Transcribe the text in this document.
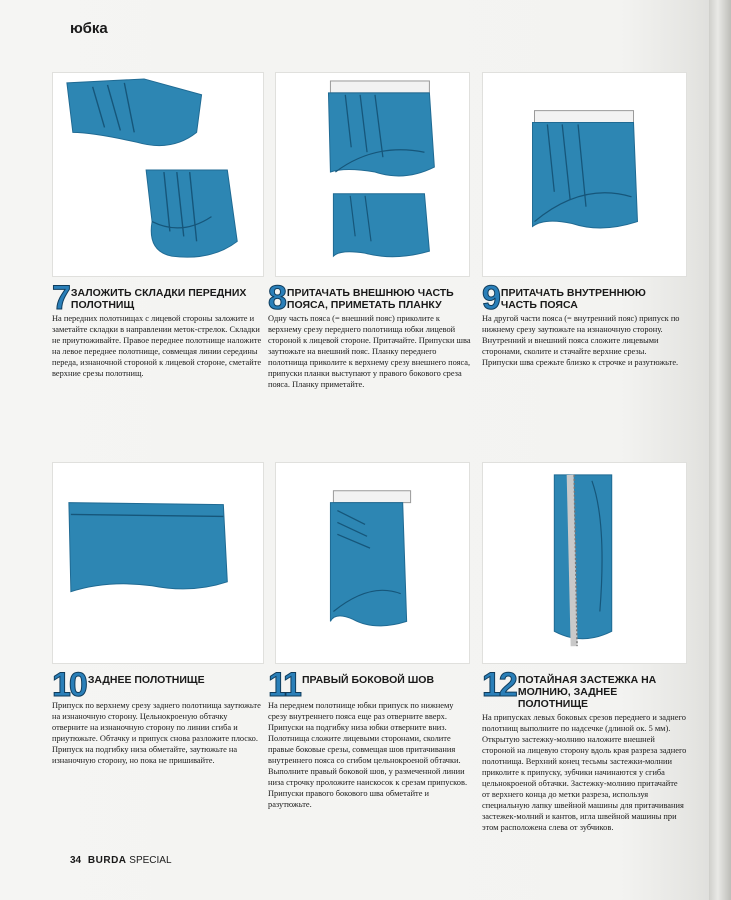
юбка
7 ЗАЛОЖИТЬ СКЛАДКИ ПЕРЕДНИХ ПОЛОТНИЩ
На передних полотнищах с лицевой стороны заложите и заметайте складки в направлении меток-стрелок. Складки не приутюживайте. Правое переднее полотнище наложите на левое переднее полотнище, совмещая линии середины переда, изнаночной стороной к лицевой стороне, сметайте верхние срезы полотнищ.
8 ПРИТАЧАТЬ ВНЕШНЮЮ ЧАСТЬ ПОЯСА, ПРИМЕТАТЬ ПЛАНКУ
Одну часть пояса (= внешний пояс) приколите к верхнему срезу переднего полотнища юбки лицевой стороной к лицевой стороне. Притачайте. Припуски шва заутюжьте на внешний пояс. Планку переднего полотнища приколите к верхнему срезу внешнего пояса, припуски планки выступают у правого бокового среза пояса. Планку приметайте.
9 ПРИТАЧАТЬ ВНУТРЕННЮЮ ЧАСТЬ ПОЯСА
На другой части пояса (= внутренний пояс) припуск по нижнему срезу заутюжьте на изнаночную сторону. Внутренний и внешний пояса сложите лицевыми сторонами, сколите и стачайте верхние срезы. Припуски шва срежьте близко к строчке и разутюжьте.
10 ЗАДНЕЕ ПОЛОТНИЩЕ
Припуск по верхнему срезу заднего полотнища заутюжьте на изнаночную сторону. Цельнокроеную обтачку отверните на изнаночную сторону по линии сгиба и приутюжьте. Обтачку и припуск снова разложите плоско. Припуск на подгибку низа обметайте, заутюжьте на изнаночную сторону, но пока не пришивайте.
11 ПРАВЫЙ БОКОВОЙ ШОВ
На переднем полотнище юбки припуск по нижнему срезу внутреннего пояса еще раз отверните вверх. Припуски на подгибку низа юбки отверните вниз. Полотнища сложите лицевыми сторонами, сколите правые боковые срезы, совмещая шов притачивания внутреннего пояса со сгибом цельнокроеной обтачки. Выполните правый боковой шов, у размеченной линии низа строчку проложите наискосок к срезам припусков. Припуски правого бокового шва обметайте и разутюжьте.
12 ПОТАЙНАЯ ЗАСТЕЖКА НА МОЛНИЮ, ЗАДНЕЕ ПОЛОТНИЩЕ
На припусках левых боковых срезов переднего и заднего полотнищ выполните по надсечке (длиной ок. 5 мм). Открытую застежку-молнию наложите внешней стороной на лицевую сторону вдоль края разреза заднего полотнища. Верхний конец тесьмы застежки-молнии приколите к припуску, зубчики начинаются у сгиба цельнокроеной обтачки. Застежку-молнию притачайте от верхнего конца до метки разреза, используя специальную лапку швейной машины для притачивания застежек-молний и кантов, игла швейной машины при этом расположена слева от зубчиков.
34 BURDA SPECIAL
